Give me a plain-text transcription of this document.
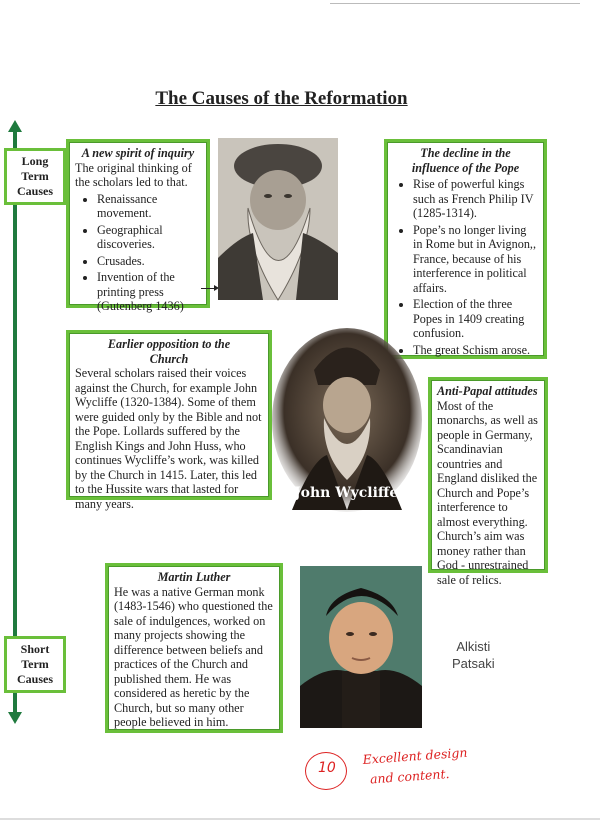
The Causes of the Reformation
Long
Term
Causes
Short
Term
Causes
A new spirit of inquiry
The original thinking of the scholars led to that.
• Renaissance movement.
• Geographical discoveries.
• Crusades.
• Invention of the printing press (Gutenberg 1436)
The decline in the
influence of the Pope
• Rise of powerful kings such as French Philip IV (1285-1314).
• Pope’s no longer living in Rome but in Avignon,, France, because of his interference in political affairs.
• Election of the three Popes in 1409 creating confusion.
• The great Schism arose.
Earlier opposition to the
Church
Several scholars raised their voices against the Church, for example John Wycliffe (1320-1384). Some of them were guided only by the Bible and not the Pope. Lollards suffered by the English Kings and John Huss, who continues Wycliffe’s work, was killed by the Church in 1415. Later, this led to the Hussite wars that lasted for many years.
John Wycliffe
Anti-Papal attitudes
Most of the monarchs, as well as people in Germany, Scandinavian countries and England disliked the Church and Pope’s interference to almost everything. Church’s aim was money rather than God - unrestrained sale of relics.
Martin Luther
He was a native German monk (1483-1546) who questioned the sale of indulgences, worked on many projects showing the difference between beliefs and practices of the Church and published them. He was considered as heretic by the Church, but so many other people believed in him.
Alkisti
Patsaki
10
Excellent design
and content.
